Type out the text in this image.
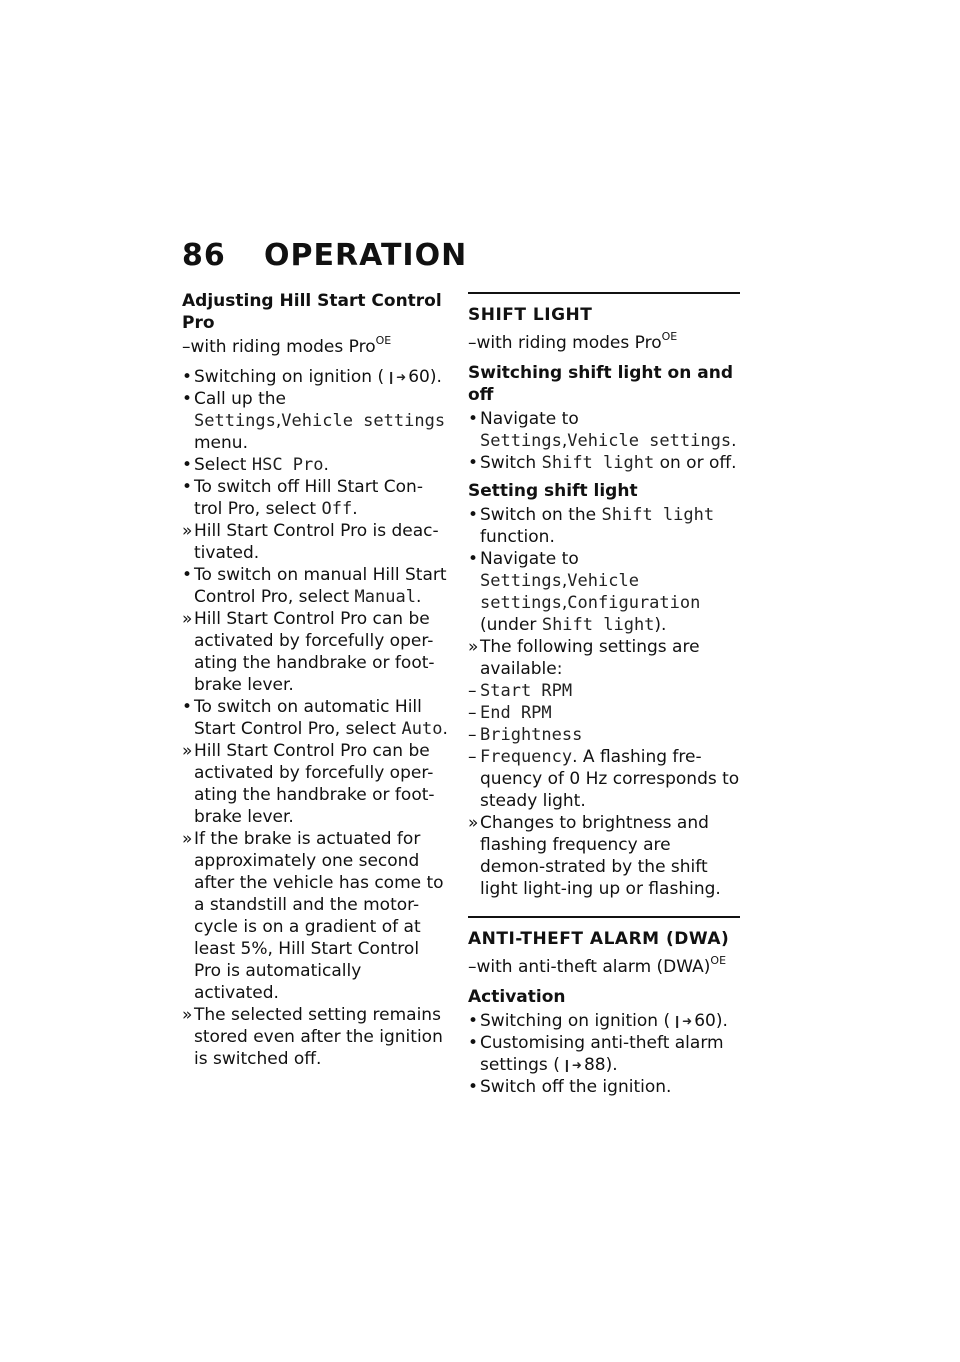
86 OPERATION
Adjusting Hill Start Control Pro
–with riding modes Pro$^{OE}$
• Switching on ignition ( ❙➜ 60).
• Call up the Settings,Vehicle settings menu.
• Select HSC Pro.
• To switch off Hill Start Con-trol Pro, select Off.
» Hill Start Control Pro is deac-tivated.
• To switch on manual Hill Start Control Pro, select Manual.
» Hill Start Control Pro can be activated by forcefully oper-ating the handbrake or foot-brake lever.
• To switch on automatic Hill Start Control Pro, select Auto.
» Hill Start Control Pro can be activated by forcefully oper-ating the handbrake or foot-brake lever.
» If the brake is actuated for approximately one second after the vehicle has come to a standstill and the motor-cycle is on a gradient of at least 5%, Hill Start Control Pro is automatically activated.
» The selected setting remains stored even after the ignition is switched off.
SHIFT LIGHT
–with riding modes Pro$^{OE}$
Switching shift light on and off
• Navigate to Settings,Vehicle settings.
• Switch Shift light on or off.
Setting shift light
• Switch on the Shift light function.
• Navigate to Settings,Vehicle settings,Configuration (under Shift light).
» The following settings are available:
– Start RPM
– End RPM
– Brightness
– Frequency. A flashing fre-quency of 0 Hz corresponds to steady light.
» Changes to brightness and flashing frequency are demon-strated by the shift light light-ing up or flashing.
ANTI-THEFT ALARM (DWA)
–with anti-theft alarm (DWA)$^{OE}$
Activation
• Switching on ignition ( ❙➜ 60).
• Customising anti-theft alarm settings ( ❙➜ 88).
• Switch off the ignition.
